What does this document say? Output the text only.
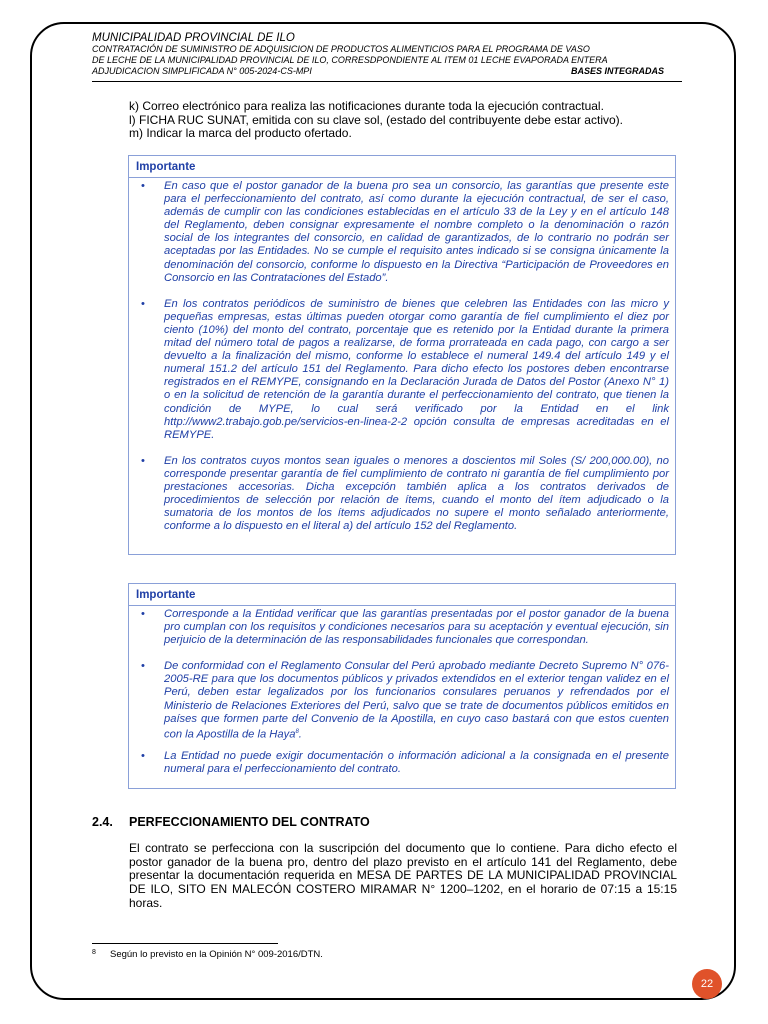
MUNICIPALIDAD PROVINCIAL DE ILO
CONTRATACIÓN DE SUMINISTRO DE ADQUISICION DE PRODUCTOS ALIMENTICIOS PARA EL PROGRAMA DE VASO
DE LECHE DE LA MUNICIPALIDAD PROVINCIAL DE ILO, CORRESDPONDIENTE AL ITEM 01 LECHE EVAPORADA ENTERA
ADJUDICACION SIMPLIFICADA N° 005-2024-CS-MPI	BASES INTEGRADAS
k) Correo electrónico para realiza las notificaciones durante toda la ejecución contractual.
l) FICHA RUC SUNAT, emitida con su clave sol, (estado del contribuyente debe estar activo).
m) Indicar la marca del producto ofertado.
Importante
• En caso que el postor ganador de la buena pro sea un consorcio, las garantías que presente este para el perfeccionamiento del contrato, así como durante la ejecución contractual, de ser el caso, además de cumplir con las condiciones establecidas en el artículo 33 de la Ley y en el artículo 148 del Reglamento, deben consignar expresamente el nombre completo o la denominación o razón social de los integrantes del consorcio, en calidad de garantizados, de lo contrario no podrán ser aceptadas por las Entidades. No se cumple el requisito antes indicado si se consigna únicamente la denominación del consorcio, conforme lo dispuesto en la Directiva “Participación de Proveedores en Consorcio en las Contrataciones del Estado”.
• En los contratos periódicos de suministro de bienes que celebren las Entidades con las micro y pequeñas empresas, estas últimas pueden otorgar como garantía de fiel cumplimiento el diez por ciento (10%) del monto del contrato, porcentaje que es retenido por la Entidad durante la primera mitad del número total de pagos a realizarse, de forma prorrateada en cada pago, con cargo a ser devuelto a la finalización del mismo, conforme lo establece el numeral 149.4 del artículo 149 y el numeral 151.2 del artículo 151 del Reglamento. Para dicho efecto los postores deben encontrarse registrados en el REMYPE, consignando en la Declaración Jurada de Datos del Postor (Anexo N° 1) o en la solicitud de retención de la garantía durante el perfeccionamiento del contrato, que tienen la condición de MYPE, lo cual será verificado por la Entidad en el link http://www2.trabajo.gob.pe/servicios-en-linea-2-2 opción consulta de empresas acreditadas en el REMYPE.
• En los contratos cuyos montos sean iguales o menores a doscientos mil Soles (S/ 200,000.00), no corresponde presentar garantía de fiel cumplimiento de contrato ni garantía de fiel cumplimiento por prestaciones accesorias. Dicha excepción también aplica a los contratos derivados de procedimientos de selección por relación de ítems, cuando el monto del ítem adjudicado o la sumatoria de los montos de los ítems adjudicados no supere el monto señalado anteriormente, conforme a lo dispuesto en el literal a) del artículo 152 del Reglamento.
Importante
• Corresponde a la Entidad verificar que las garantías presentadas por el postor ganador de la buena pro cumplan con los requisitos y condiciones necesarios para su aceptación y eventual ejecución, sin perjuicio de la determinación de las responsabilidades funcionales que correspondan.
• De conformidad con el Reglamento Consular del Perú aprobado mediante Decreto Supremo N° 076-2005-RE para que los documentos públicos y privados extendidos en el exterior tengan validez en el Perú, deben estar legalizados por los funcionarios consulares peruanos y refrendados por el Ministerio de Relaciones Exteriores del Perú, salvo que se trate de documentos públicos emitidos en países que formen parte del Convenio de la Apostilla, en cuyo caso bastará con que estos cuenten con la Apostilla de la Haya$^8$.
• La Entidad no puede exigir documentación o información adicional a la consignada en el presente numeral para el perfeccionamiento del contrato.
2.4. PERFECCIONAMIENTO DEL CONTRATO
El contrato se perfecciona con la suscripción del documento que lo contiene. Para dicho efecto el postor ganador de la buena pro, dentro del plazo previsto en el artículo 141 del Reglamento, debe presentar la documentación requerida en MESA DE PARTES DE LA MUNICIPALIDAD PROVINCIAL DE ILO, SITO EN MALECÓN COSTERO MIRAMAR N° 1200–1202, en el horario de 07:15 a 15:15 horas.
8 Según lo previsto en la Opinión N° 009-2016/DTN.
22
